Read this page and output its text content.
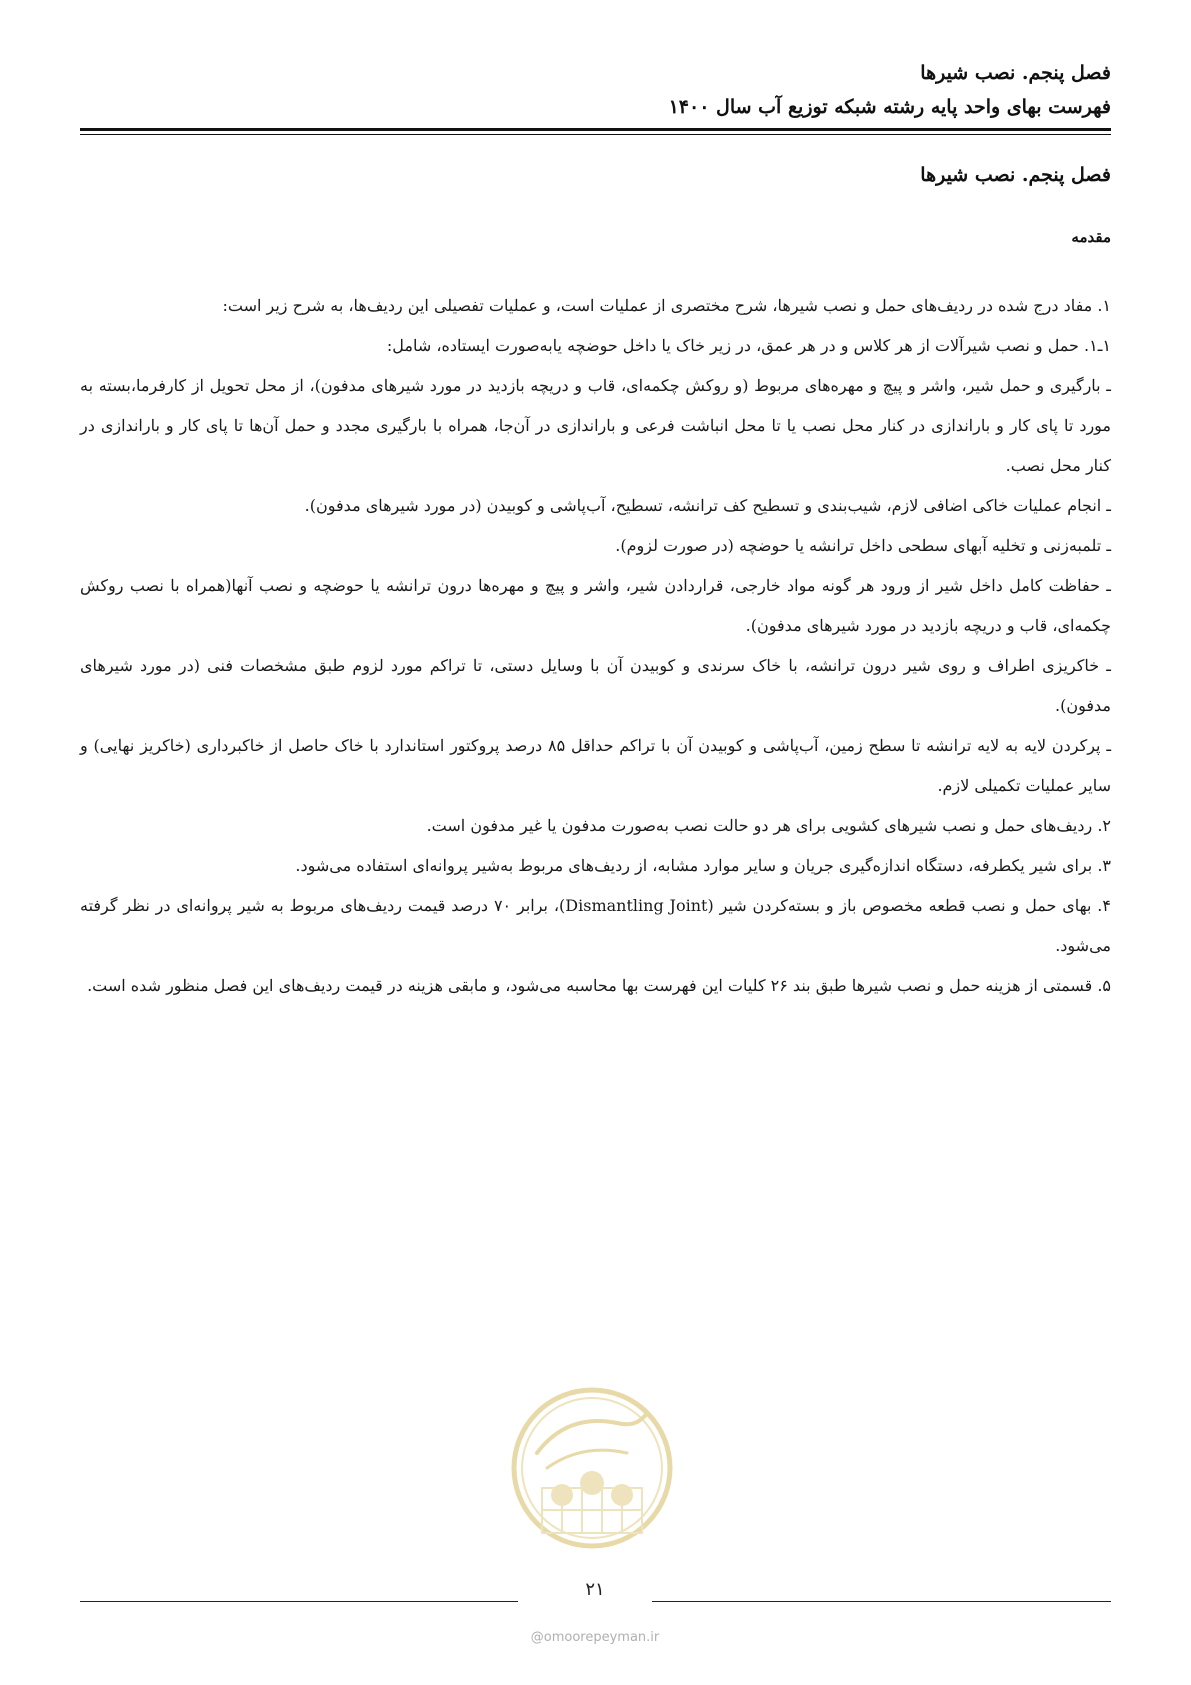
فصل پنجم. نصب شیرها
فهرست بهای واحد پایه رشته شبکه توزیع آب سال ۱۴۰۰
فصل پنجم. نصب شیرها
مقدمه

۱. مفاد درج شده در ردیف‌های حمل و نصب شیرها، شرح مختصری از عملیات است، و عملیات تفصیلی این ردیف‌ها، به شرح زیر است:

۱ـ۱. حمل و نصب شیرآلات از هر کلاس و در هر عمق، در زیر خاک یا داخل حوضچه یابه‌صورت ایستاده، شامل:

ـ بارگیری و حمل شیر، واشر و پیچ و مهره‌های مربوط (و روکش چکمه‌ای، قاب و دریچه بازدید در مورد شیرهای مدفون)، از محل تحویل از کارفرما،بسته به مورد تا پای کار و باراندازی در کنار محل نصب یا تا محل انباشت فرعی و باراندازی در آن‌جا، همراه با بارگیری مجدد و حمل آن‌ها تا پای کار و باراندازی در کنار محل نصب.

ـ انجام عملیات خاکی اضافی لازم، شیب‌بندی و تسطیح کف ترانشه، تسطیح، آب‌پاشی و کوبیدن (در مورد شیرهای مدفون).

ـ تلمبه‌زنی و تخلیه آبهای سطحی داخل ترانشه یا حوضچه (در صورت لزوم).

ـ حفاظت کامل داخل شیر از ورود هر گونه مواد خارجی، قراردادن شیر، واشر و پیچ و مهره‌ها درون ترانشه یا حوضچه و نصب آنها(همراه با نصب روکش چکمه‌ای، قاب و دریچه بازدید در مورد شیرهای مدفون).

ـ خاکریزی اطراف و روی شیر درون ترانشه، با خاک سرندی و کوبیدن آن با وسایل دستی، تا تراکم مورد لزوم طبق مشخصات فنی (در مورد شیرهای مدفون).

ـ پرکردن لایه به لایه ترانشه تا سطح زمین، آب‌پاشی و کوبیدن آن با تراکم حداقل ۸۵ درصد پروکتور استاندارد با خاک حاصل از خاکبرداری (خاکریز نهایی) و سایر عملیات تکمیلی لازم.

۲. ردیف‌های حمل و نصب شیرهای کشویی برای هر دو حالت نصب به‌صورت مدفون یا غیر مدفون است.

۳. برای شیر یکطرفه، دستگاه اندازه‌گیری جریان و سایر موارد مشابه، از ردیف‌های مربوط به‌شیر پروانه‌ای استفاده می‌شود.

۴. بهای حمل و نصب قطعه مخصوص باز و بسته‌کردن شیر (Dismantling Joint)، برابر ۷۰ درصد قیمت ردیف‌های مربوط به شیر پروانه‌ای در نظر گرفته می‌شود.

۵. قسمتی از هزینه حمل و نصب شیرها طبق بند ۲۶ کلیات این فهرست بها محاسبه می‌شود، و مابقی هزینه در قیمت ردیف‌های این فصل منظور شده است.

۲۱
@omoorepeyman.ir
